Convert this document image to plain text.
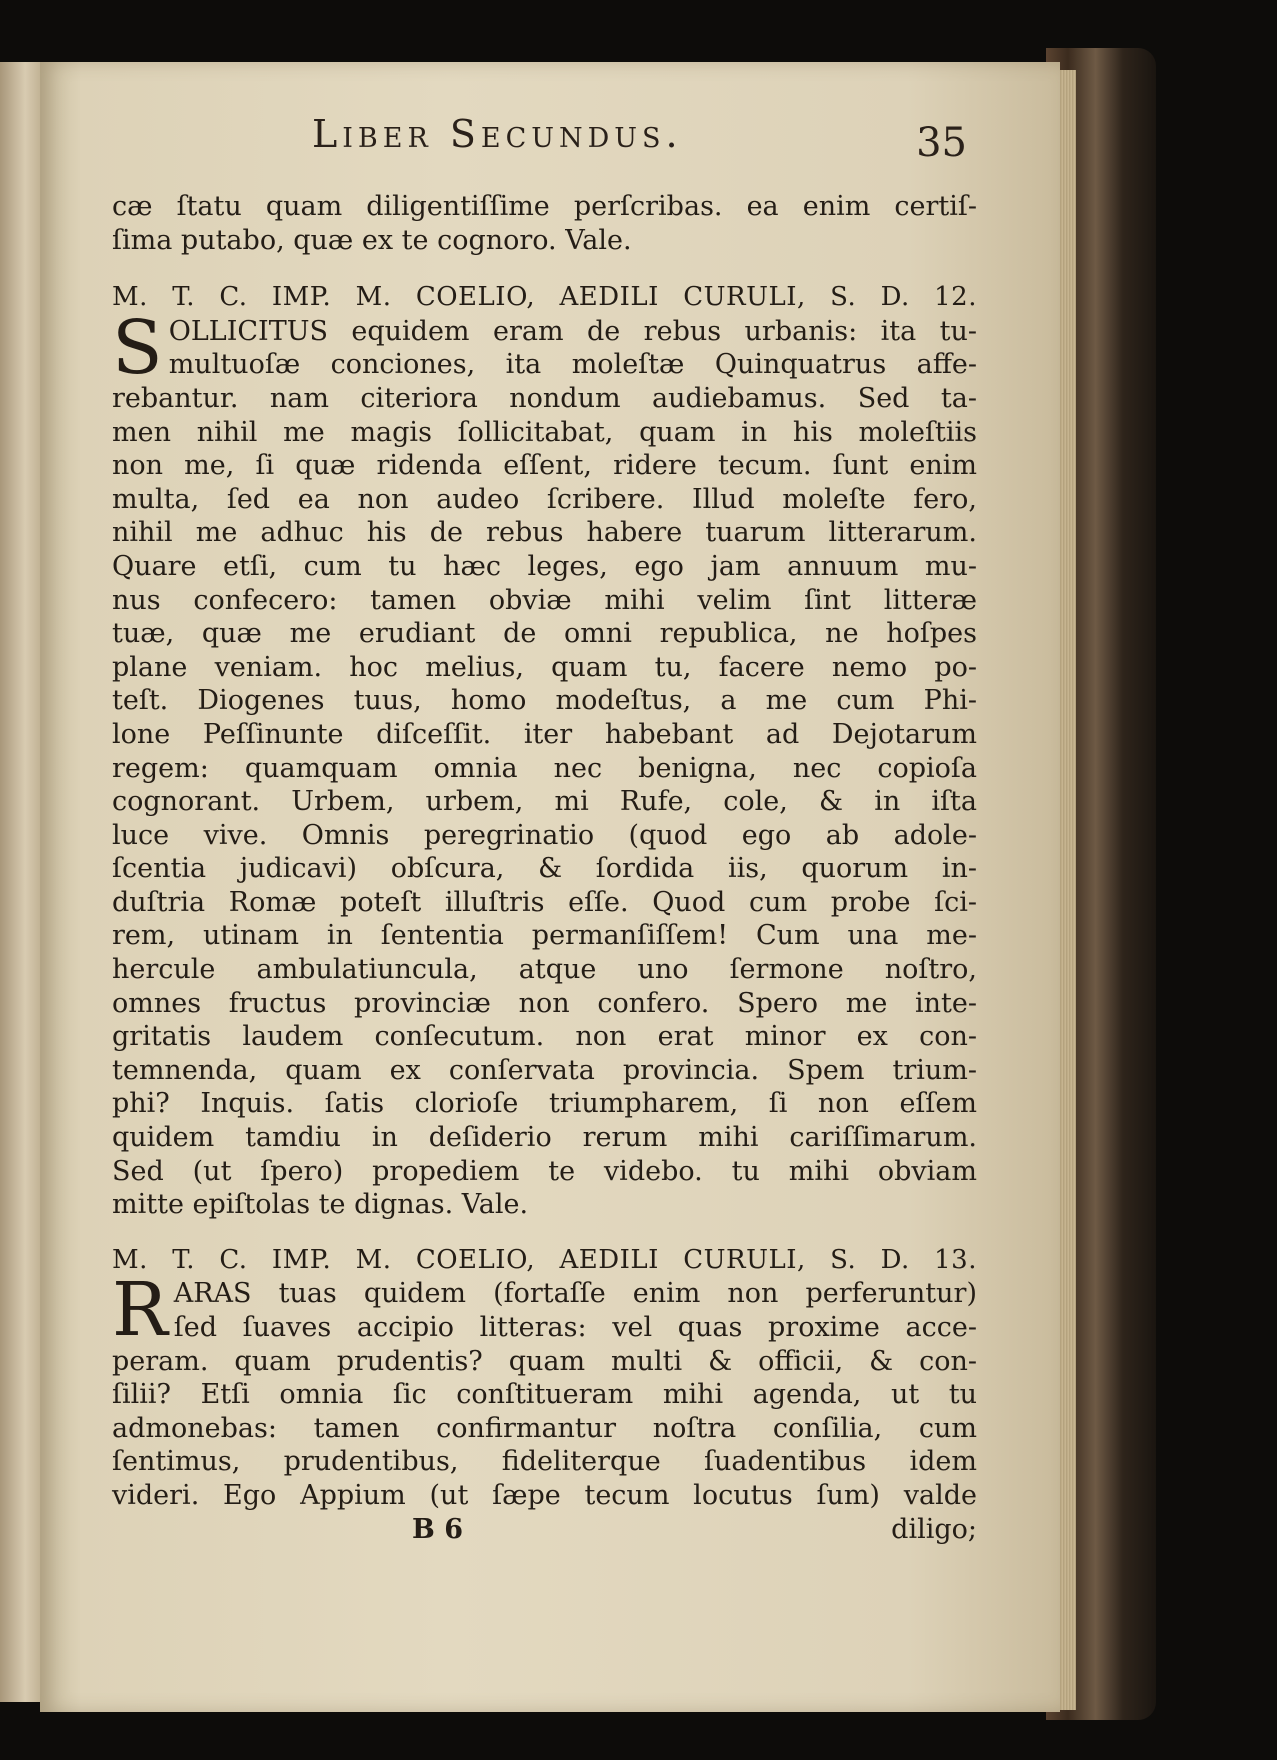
Liber Secundus.	35
cæ ſtatu quam diligentiſſime perſcribas. ea enim certiſ-
ſima putabo, quæ ex te cognoro. Vale.
M. T. C. IMP. M. COELIO, AEDILI CURULI, S. D. 12.
S OLLICITUS equidem eram de rebus urbanis: ita tu-
multuoſæ conciones, ita moleſtæ Quinquatrus affe-
rebantur. nam citeriora nondum audiebamus. Sed ta-
men nihil me magis ſollicitabat, quam in his moleſtiis
non me, ſi quæ ridenda eſſent, ridere tecum. ſunt enim
multa, ſed ea non audeo ſcribere. Illud moleſte fero,
nihil me adhuc his de rebus habere tuarum litterarum.
Quare etſi, cum tu hæc leges, ego jam annuum mu-
nus confecero: tamen obviæ mihi velim ſint litteræ
tuæ, quæ me erudiant de omni republica, ne hoſpes
plane veniam. hoc melius, quam tu, facere nemo po-
teſt. Diogenes tuus, homo modeſtus, a me cum Phi-
lone Peſſinunte diſceſſit. iter habebant ad Dejotarum
regem: quamquam omnia nec benigna, nec copioſa
cognorant. Urbem, urbem, mi Rufe, cole, & in iſta
luce vive. Omnis peregrinatio (quod ego ab adole-
ſcentia judicavi) obſcura, & ſordida iis, quorum in-
duſtria Romæ poteſt illuſtris eſſe. Quod cum probe ſci-
rem, utinam in ſententia permanſiſſem! Cum una me-
hercule ambulatiuncula, atque uno ſermone noſtro,
omnes fructus provinciæ non confero. Spero me inte-
gritatis laudem conſecutum. non erat minor ex con-
temnenda, quam ex conſervata provincia. Spem trium-
phi? Inquis. ſatis clorioſe triumpharem, ſi non eſſem
quidem tamdiu in deſiderio rerum mihi cariſſimarum.
Sed (ut ſpero) propediem te videbo. tu mihi obviam
mitte epiſtolas te dignas. Vale.
M. T. C. IMP. M. COELIO, AEDILI CURULI, S. D. 13.
R ARAS tuas quidem (fortaſſe enim non perferuntur)
ſed ſuaves accipio litteras: vel quas proxime acce-
peram. quam prudentis? quam multi & officii, & con-
ſilii? Etſi omnia ſic conſtitueram mihi agenda, ut tu
admonebas: tamen confirmantur noſtra conſilia, cum
ſentimus, prudentibus, fideliterque ſuadentibus idem
videri. Ego Appium (ut ſæpe tecum locutus ſum) valde
B 6	diligo;
